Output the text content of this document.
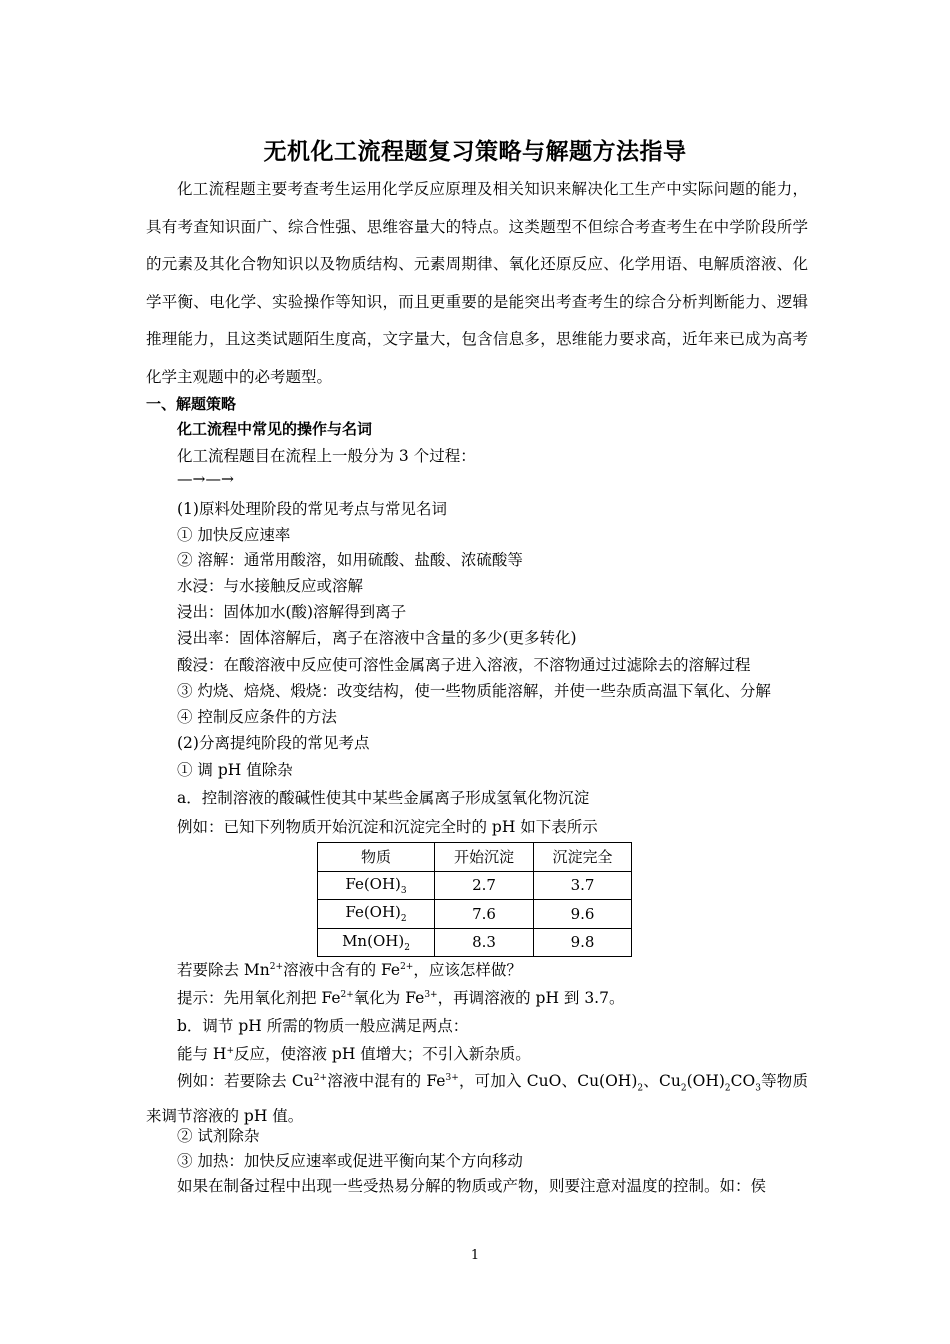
无机化工流程题复习策略与解题方法指导

化工流程题主要考查考生运用化学反应原理及相关知识来解决化工生产中实际问题的能力，具有考查知识面广、综合性强、思维容量大的特点。这类题型不但综合考查考生在中学阶段所学的元素及其化合物知识以及物质结构、元素周期律、氧化还原反应、化学用语、电解质溶液、化学平衡、电化学、实验操作等知识，而且更重要的是能突出考查考生的综合分析判断能力、逻辑推理能力，且这类试题陌生度高，文字量大，包含信息多，思维能力要求高，近年来已成为高考化学主观题中的必考题型。

一、解题策略
化工流程中常见的操作与名词
化工流程题目在流程上一般分为 3 个过程：
—→—→
(1)原料处理阶段的常见考点与常见名词
① 加快反应速率
② 溶解：通常用酸溶，如用硫酸、盐酸、浓硫酸等
水浸：与水接触反应或溶解
浸出：固体加水(酸)溶解得到离子
浸出率：固体溶解后，离子在溶液中含量的多少(更多转化)
酸浸：在酸溶液中反应使可溶性金属离子进入溶液，不溶物通过过滤除去的溶解过程
③ 灼烧、焙烧、煅烧：改变结构，使一些物质能溶解，并使一些杂质高温下氧化、分解
④ 控制反应条件的方法
(2)分离提纯阶段的常见考点
① 调 pH 值除杂
a．控制溶液的酸碱性使其中某些金属离子形成氢氧化物沉淀
例如：已知下列物质开始沉淀和沉淀完全时的 pH 如下表所示
物质	开始沉淀	沉淀完全
$Fe(OH)_3$	2.7	3.7
$Fe(OH)_2$	7.6	9.6
$Mn(OH)_2$	8.3	9.8
若要除去 $Mn^{2+}$溶液中含有的 $Fe^{2+}$，应该怎样做？
提示：先用氧化剂把 $Fe^{2+}$氧化为 $Fe^{3+}$，再调溶液的 pH 到 3.7。
b．调节 pH 所需的物质一般应满足两点：
能与 H+反应，使溶液 pH 值增大；不引入新杂质。

例如：若要除去 $Cu^{2+}$溶液中混有的 $Fe^{3+}$，可加入 CuO、$Cu(OH)_2$、$Cu_2(OH)_2CO_3$等物质来调节溶液的 pH 值。

② 试剂除杂
③ 加热：加快反应速率或促进平衡向某个方向移动
如果在制备过程中出现一些受热易分解的物质或产物，则要注意对温度的控制。如：侯
1
